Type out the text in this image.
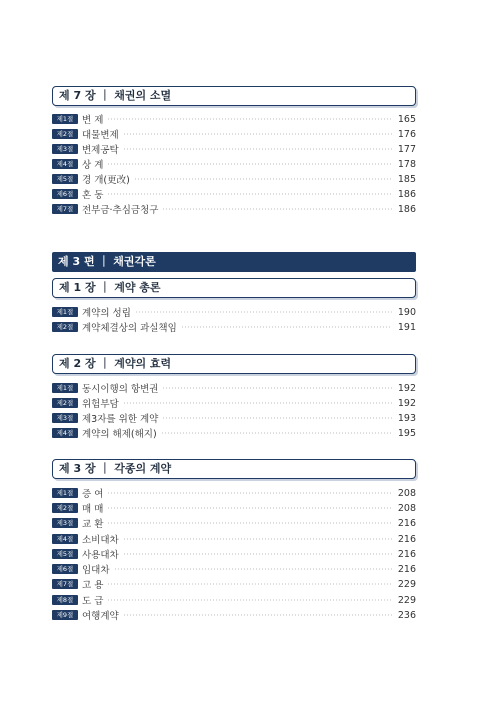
제 7 장 ｜ 채권의 소멸
제1절 변 제	165
제2절 대물변제	176
제3절 변제공탁	177
제4절 상 계	178
제5절 경 개(更改)	185
제6절 혼 동	186
제7절 전부금·추심금청구	186
제 3 편 ｜ 채권각론
제 1 장 ｜ 계약 총론
제1절 계약의 성립	190
제2절 계약체결상의 과실책임	191
제 2 장 ｜ 계약의 효력
제1절 동시이행의 항변권	192
제2절 위험부담	192
제3절 제3자를 위한 계약	193
제4절 계약의 해제(해지)	195
제 3 장 ｜ 각종의 계약
제1절 증 여	208
제2절 매 매	208
제3절 교 환	216
제4절 소비대차	216
제5절 사용대차	216
제6절 임대차	216
제7절 고 용	229
제8절 도 급	229
제9절 여행계약	236
